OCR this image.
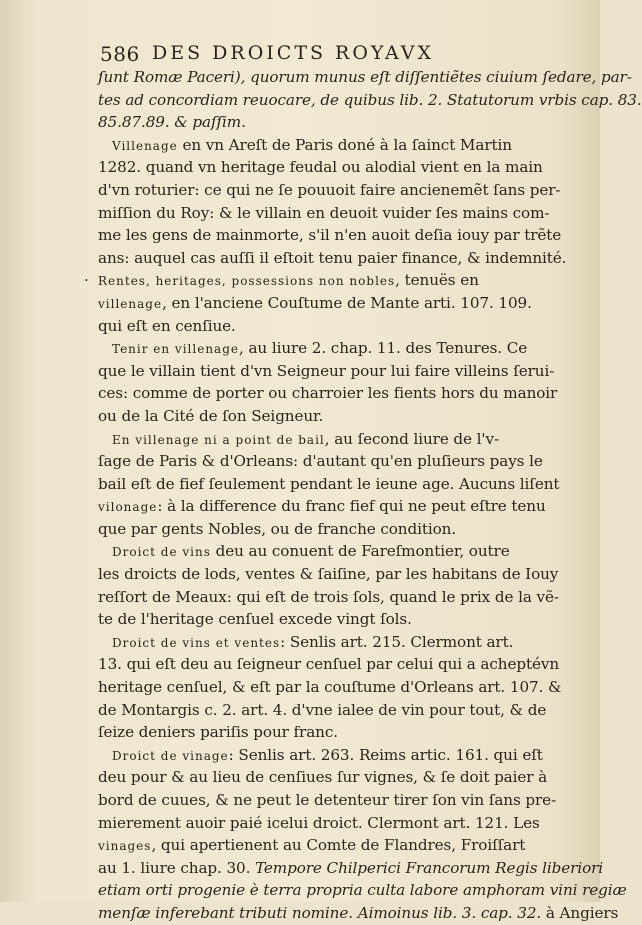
586 DES DROICTS ROYAVX
ſunt Romæ Paceri), quorum munus eſt diſſentiẽtes ciuium ſedare, par-
tes ad concordiam reuocare, de quibus lib. 2. Statutorum vrbis cap. 83.
85.87.89. & paſſim.
Villenage en vn Areſt de Paris doné à la ſainct Martin
1282. quand vn heritage feudal ou alodial vient en la main
d'vn roturier: ce qui ne ſe pouuoit faire ancienemẽt ſans per-
miſſion du Roy: & le villain en deuoit vuider ſes mains com-
me les gens de mainmorte, s'il n'en auoit deſia iouy par trẽte
ans: auquel cas auſſi il eſtoit tenu paier finance, & indemnité.
· Rentes, heritages, possessions non nobles, tenuës en
villenage, en l'anciene Couſtume de Mante arti. 107. 109.
qui eſt en cenſiue.
Tenir en villenage, au liure 2. chap. 11. des Tenures. Ce
que le villain tient d'vn Seigneur pour lui faire villeins ſerui-
ces: comme de porter ou charroier les fients hors du manoir
ou de la Cité de ſon Seigneur.
En villenage ni a point de bail, au ſecond liure de l'v-
ſage de Paris & d'Orleans: d'autant qu'en pluſieurs pays le
bail eſt de fief ſeulement pendant le ieune age. Aucuns liſent
vilonage: à la difference du franc fief qui ne peut eſtre tenu
que par gents Nobles, ou de franche condition.
Droict de vins deu au conuent de Fareſmontier, outre
les droicts de lods, ventes & ſaiſine, par les habitans de Iouy
reſſort de Meaux: qui eſt de trois ſols, quand le prix de la vẽ-
te de l'heritage cenſuel excede vingt ſols.
Droict de vins et ventes: Senlis art. 215. Clermont art.
13. qui eſt deu au ſeigneur cenſuel par celui qui a acheptévn
heritage cenſuel, & eſt par la couſtume d'Orleans art. 107. &
de Montargis c. 2. art. 4. d'vne ialee de vin pour tout, & de
ſeize deniers pariſis pour franc.
Droict de vinage: Senlis art. 263. Reims artic. 161. qui eſt
deu pour & au lieu de cenſiues ſur vignes, & ſe doit paier à
bord de cuues, & ne peut le detenteur tirer ſon vin ſans pre-
mierement auoir paié icelui droict. Clermont art. 121. Les
vinages, qui apertienent au Comte de Flandres, Froiſſart
au 1. liure chap. 30. Tempore Chilperici Francorum Regis liberiori
etiam orti progenie è terra propria culta labore amphoram vini regiæ
menſæ inferebant tributi nomine. Aimoinus lib. 3. cap. 32. à Angiers
